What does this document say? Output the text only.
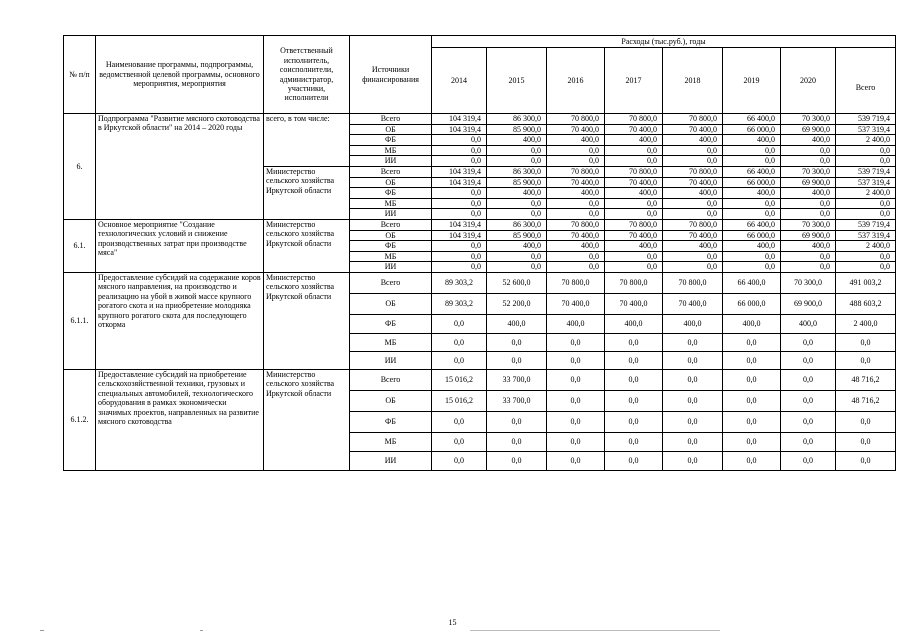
№ п/п	Наименование программы, подпрограммы, ведомственной целевой программы, основного мероприятия, мероприятия	Ответственный исполнитель, соисполнители, администратор, участники, исполнители	Источники финансирования	Расходы (тыс.руб.), годы							
				2014	2015	2016	2017	2018	2019	2020	Всего
6.	Подпрограмма "Развитие мясного скотоводства в Иркутской области" на 2014 – 2020 годы	всего, в том числе:	Всего	104 319,4	86 300,0	70 800,0	70 800,0	70 800,0	66 400,0	70 300,0	539 719,4
			ОБ	104 319,4	85 900,0	70 400,0	70 400,0	70 400,0	66 000,0	69 900,0	537 319,4
			ФБ	0,0	400,0	400,0	400,0	400,0	400,0	400,0	2 400,0
			МБ	0,0	0,0	0,0	0,0	0,0	0,0	0,0	0,0
			ИИ	0,0	0,0	0,0	0,0	0,0	0,0	0,0	0,0
		Министерство сельского хозяйства Иркутской области	Всего	104 319,4	86 300,0	70 800,0	70 800,0	70 800,0	66 400,0	70 300,0	539 719,4
			ОБ	104 319,4	85 900,0	70 400,0	70 400,0	70 400,0	66 000,0	69 900,0	537 319,4
			ФБ	0,0	400,0	400,0	400,0	400,0	400,0	400,0	2 400,0
			МБ	0,0	0,0	0,0	0,0	0,0	0,0	0,0	0,0
			ИИ	0,0	0,0	0,0	0,0	0,0	0,0	0,0	0,0
6.1.	Основное мероприятие "Создание технологических условий и снижение производственных затрат при производстве мяса"	Министерство сельского хозяйства Иркутской области	Всего	104 319,4	86 300,0	70 800,0	70 800,0	70 800,0	66 400,0	70 300,0	539 719,4
			ОБ	104 319,4	85 900,0	70 400,0	70 400,0	70 400,0	66 000,0	69 900,0	537 319,4
			ФБ	0,0	400,0	400,0	400,0	400,0	400,0	400,0	2 400,0
			МБ	0,0	0,0	0,0	0,0	0,0	0,0	0,0	0,0
			ИИ	0,0	0,0	0,0	0,0	0,0	0,0	0,0	0,0
6.1.1.	Предоставление субсидий на содержание коров мясного направления, на производство и реализацию на убой в живой массе крупного рогатого скота и на приобретение молодняка крупного рогатого скота для последующего откорма	Министерство сельского хозяйства Иркутской области	Всего	89 303,2	52 600,0	70 800,0	70 800,0	70 800,0	66 400,0	70 300,0	491 003,2
			ОБ	89 303,2	52 200,0	70 400,0	70 400,0	70 400,0	66 000,0	69 900,0	488 603,2
			ФБ	0,0	400,0	400,0	400,0	400,0	400,0	400,0	2 400,0
			МБ	0,0	0,0	0,0	0,0	0,0	0,0	0,0	0,0
			ИИ	0,0	0,0	0,0	0,0	0,0	0,0	0,0	0,0
6.1.2.	Предоставление субсидий на приобретение сельскохозяйственной техники, грузовых и специальных автомобилей, технологического оборудования в рамках экономически значимых проектов, направленных на развитие мясного скотоводства	Министерство сельского хозяйства Иркутской области	Всего	15 016,2	33 700,0	0,0	0,0	0,0	0,0	0,0	48 716,2
			ОБ	15 016,2	33 700,0	0,0	0,0	0,0	0,0	0,0	48 716,2
			ФБ	0,0	0,0	0,0	0,0	0,0	0,0	0,0	0,0
			МБ	0,0	0,0	0,0	0,0	0,0	0,0	0,0	0,0
			ИИ	0,0	0,0	0,0	0,0	0,0	0,0	0,0	0,0
15
